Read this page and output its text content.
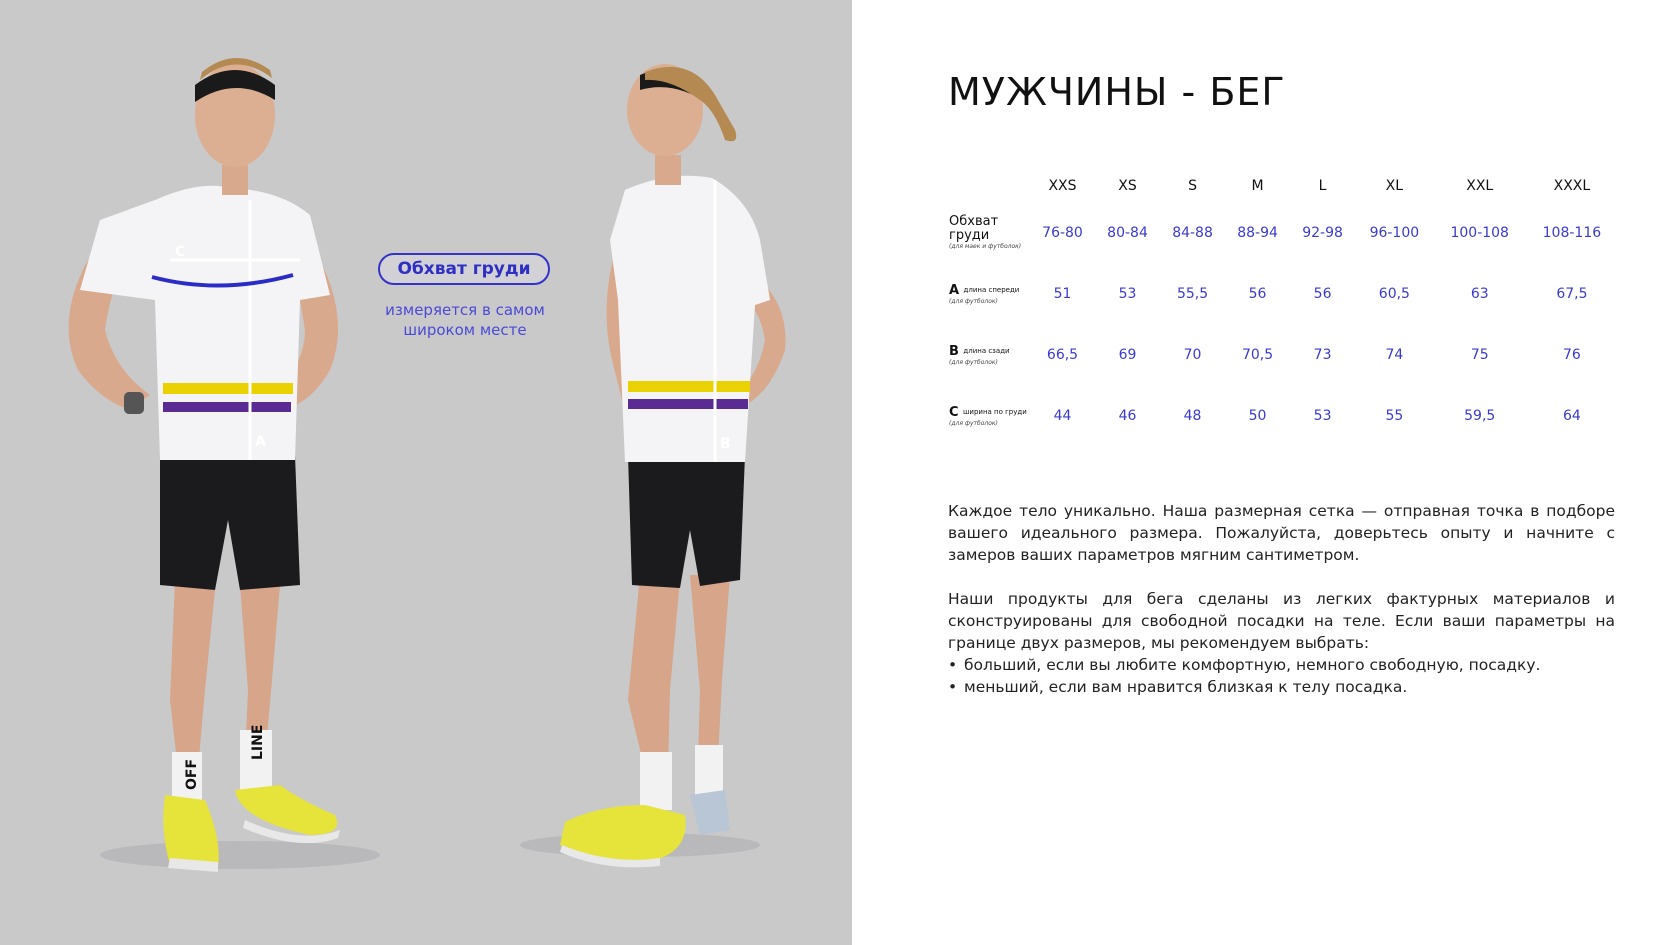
LINE
OFF
C
A	B
Обхват груди
измеряется в самом широком месте
МУЖЧИНЫ - БЕГ
	XXS	XS	S	M	L	XL	XXL	XXXL

Обхват груди
(для маек и футболок)	76-80	80-84	84-88	88-94	92-98	96-100	100-108	108-116
A длина спереди
(для футболок)	51	53	55,5	56	56	60,5	63	67,5
B длина сзади
(для футболок)	66,5	69	70	70,5	73	74	75	76
C ширина по груди
(для футболок)	44	46	48	50	53	55	59,5	64

Каждое тело уникально. Наша размерная сетка — отправная точка в подборе вашего идеального размера. Пожалуйста, доверьтесь опыту и начните с замеров ваших параметров мягним сантиметром.

Наши продукты для бега сделаны из легких фактурных материалов и сконструированы для свободной посадки на теле. Если ваши параметры на границе двух размеров, мы рекомендуем выбрать:

• больший, если вы любите комфортную, немного свободную, посадку.
• меньший, если вам нравится близкая к телу посадка.
